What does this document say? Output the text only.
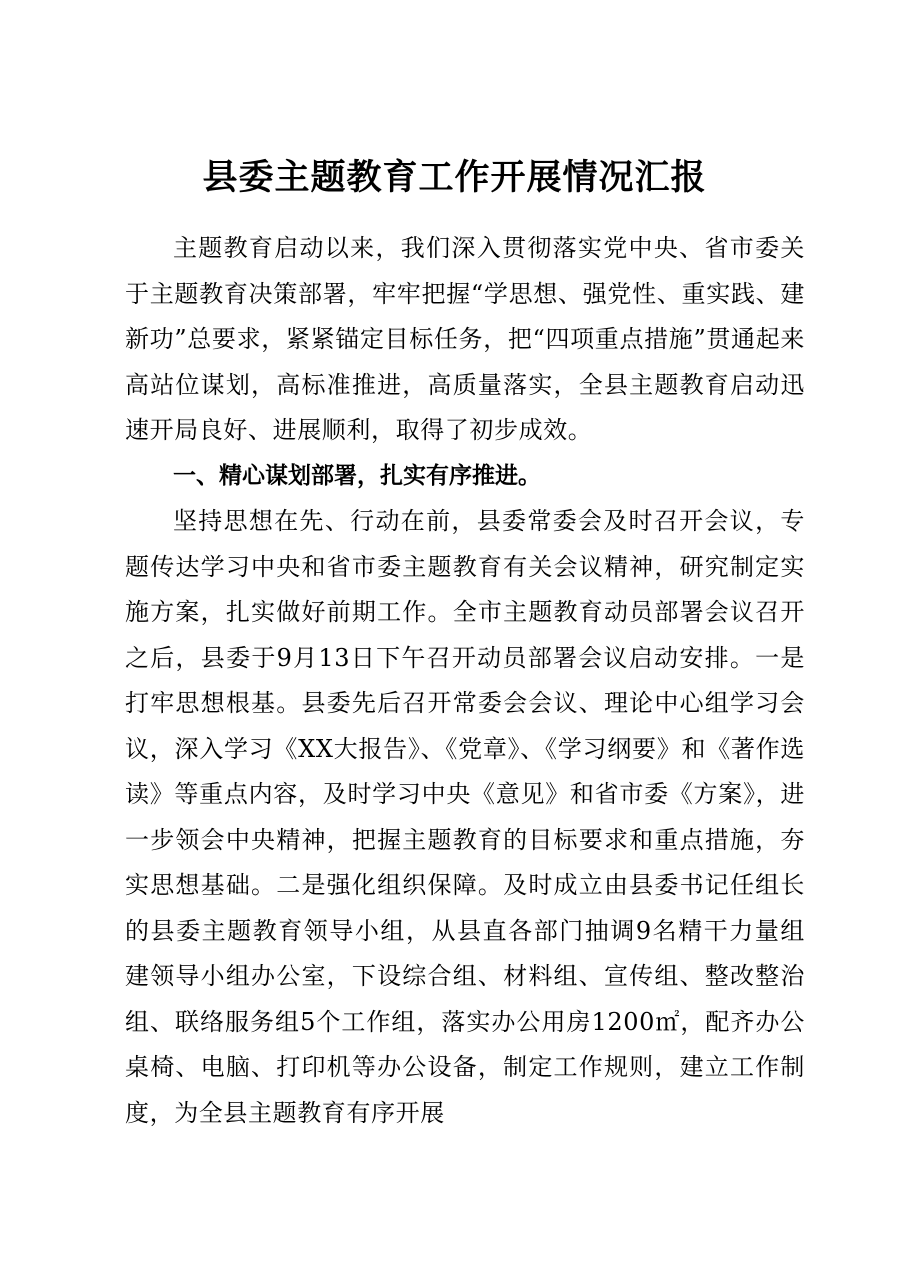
县委主题教育工作开展情况汇报

主题教育启动以来，我们深入贯彻落实党中央、省市委关于主题教育决策部署，牢牢把握“学思想、强党性、重实践、建新功”总要求，紧紧锚定目标任务，把“四项重点措施”贯通起来高站位谋划，高标准推进，高质量落实，全县主题教育启动迅速开局良好、进展顺利，取得了初步成效。

一、精心谋划部署，扎实有序推进。

坚持思想在先、行动在前，县委常委会及时召开会议，专题传达学习中央和省市委主题教育有关会议精神，研究制定实施方案，扎实做好前期工作。全市主题教育动员部署会议召开之后，县委于9月13日下午召开动员部署会议启动安排。一是打牢思想根基。县委先后召开常委会会议、理论中心组学习会议，深入学习《XX大报告》、《党章》、《学习纲要》和《著作选读》等重点内容，及时学习中央《意见》和省市委《方案》，进一步领会中央精神，把握主题教育的目标要求和重点措施，夯实思想基础。二是强化组织保障。及时成立由县委书记任组长的县委主题教育领导小组，从县直各部门抽调9名精干力量组建领导小组办公室，下设综合组、材料组、宣传组、整改整治组、联络服务组5个工作组，落实办公用房1200㎡，配齐办公桌椅、电脑、打印机等办公设备，制定工作规则，建立工作制度，为全县主题教育有序开展
